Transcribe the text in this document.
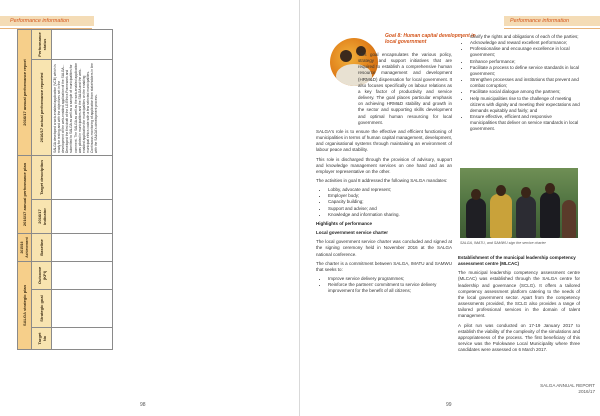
Performance information
SALGA strategic plan			2015/16 Achievement	2016/17 annual performance plan		2016/17 annual performance report	
Target No	Strategic goal	Outcome (KPI)	Baseline	2016/17 Indicator	Target description	2016/17 actual performance reported	Performance status

						SALGA developed a web-enabled application (VCB) which is ready for testing and with the objectives set in the development of the web-enabled application of the SALGA... Developed the first draft of the LG Ethics Framework and submitted to SALGA as well as a sample of municipalities for comment. The SALGA as well as the web-enabled application was piloted in municipalities and the SALGA and the web-enabled application for municipalities on the enabling municipal ethics code with a few selected municipalities. Continuous monitoring of application from stakeholders in line with the SALGA's development process.	

98
Performance information
Goal 8: Human capital development in local government

This goal encapsulates the various policy, strategy and support initiatives that are required to establish a comprehensive human resource management and development (HRM&D) dispensation for local government. It also focuses specifically on labour relations as a key factor of productivity and service delivery. The goal places particular emphasis on achieving HRM&D stability and growth in the sector and supporting skills development and optimal human resourcing for local government.

SALGA's role is to ensure the effective and efficient functioning of municipalities in terms of human capital management, development, and organisational systems through maintaining an environment of labour peace and stability.

This role is discharged through the provision of advisory, support and knowledge management services on one hand and as an employer representative on the other.

The activities in goal 8 addressed the following SALGA mandates:

• Lobby, advocate and represent;
• Employer body;
• Capacity building;
• Support and advise; and
• Knowledge and information sharing.
Highlights of performance
Local government service charter

The local government service charter was concluded and signed at the signing ceremony held in November 2016 at the SALGA national conference.

The charter is a commitment between SALGA, IMATU and SAMWU that seeks to:

• Improve service delivery programmes;
• Reinforce the partners' commitment to service delivery improvement for the benefit of all citizens;
• Clarify the rights and obligations of each of the parties;
• Acknowledge and reward excellent performance;
• Professionalise and encourage excellence in local government;
• Enhance performance;
• Facilitate a process to define service standards in local government;
• Strengthen processes and institutions that prevent and combat corruption;
• Facilitate social dialogue among the partners;
• Help municipalities rise to the challenge of meeting citizens with dignity and meeting their expectations and demands equitably and fairly; and
• Ensure effective, efficient and responsive municipalities that deliver on service standards in local government.
SALGA, IMATU, and SAMWU sign the service charter
Establishment of the municipal leadership competency assessment centre (MLCAC)

The municipal leadership competency assessment centre (MLCAC) was established through the SALGA centre for leadership and governance (SCLG). It offers a tailored competency assessment platform catering to the needs of the local government sector. Apart from the competency assessments provided, the SCLG also provides a range of tailored professional services in the domain of talent management.

A pilot run was conducted on 17-19 January 2017 to establish the viability of the complexity of the simulations and appropriateness of the process. The first beneficiary of this service was the Polokwane Local Municipality where three candidates were assessed on 6 March 2017.

99
SALGA ANNUAL REPORT 2016/17
